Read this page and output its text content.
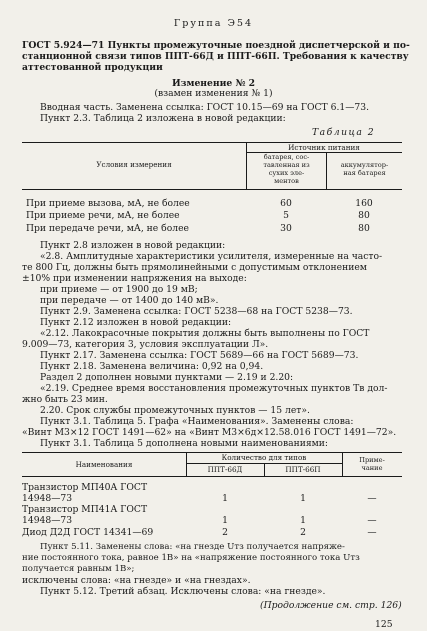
Группа Э54
ГОСТ 5.924—71 Пункты промежуточные поездной диспетчерской и по-
станционной связи типов ППТ-66Д и ППТ-66П. Требования к качеству
аттестованной продукции
Изменение № 2
(взамен изменения № 1)
Вводная часть. Заменена ссылка: ГОСТ 10.15—69 на ГОСТ 6.1—73.
Пункт 2.3. Таблица 2 изложена в новой редакции:
Таблица 2
Условия измерения
Источник питания
батарея, сос-
тавленная из
сухих эле-
ментов
аккумулятор-
ная батарея
При приеме вызова, мА, не более	60	160
При приеме речи, мА, не более	5	80
При передаче речи, мА, не более	30	80
Пункт 2.8 изложен в новой редакции:
«2.8. Амплитудные характеристики усилителя, измеренные на часто-
те 800 Гц, должны быть прямолинейными с допустимым отклонением
±10% при изменении напряжения на выходе:
при приеме — от 1900 до 19 мВ;
при передаче — от 1400 до 140 мВ».
Пункт 2.9. Заменена ссылка: ГОСТ 5238—68 на ГОСТ 5238—73.
Пункт 2.12 изложен в новой редакции:
«2.12. Лакокрасочные покрытия должны быть выполнены по ГОСТ
9.009—73, категория 3, условия эксплуатации Л».
Пункт 2.17. Заменена ссылка: ГОСТ 5689—66 на ГОСТ 5689—73.
Пункт 2.18. Заменена величина: 0,92 на 0,94.
Раздел 2 дополнен новыми пунктами — 2.19 и 2.20:
«2.19. Среднее время восстановления промежуточных пунктов Тв дол-
жно быть 23 мин.
2.20. Срок службы промежуточных пунктов — 15 лет».
Пункт 3.1. Таблица 5. Графа «Наименования». Заменены слова:
«Винт М3×12 ГОСТ 1491—62» на «Винт М3×6д×12.58.016 ГОСТ 1491—72».
Пункт 3.1. Таблица 5 дополнена новыми наименованиями:
Наименования
Количество для типов
ППТ-66Д	ППТ-66П
Приме-
чание
Транзистор МП40А ГОСТ
14948—73	1	1	—
Транзистор МП41А ГОСТ
14948—73	1	1	—
Диод Д2Д ГОСТ 14341—69	2	2	—
Пункт 5.11. Заменены слова: «на гнезде Uтз получается напряже-
ние постоянного тока, равное 1В» на «напряжение постоянного тока Uтз
получается равным 1В»;
исключены слова: «на гнезде» и «на гнездах».
Пункт 5.12. Третий абзац. Исключены слова: «на гнезде».
(Продолжение см. стр. 126)
125
